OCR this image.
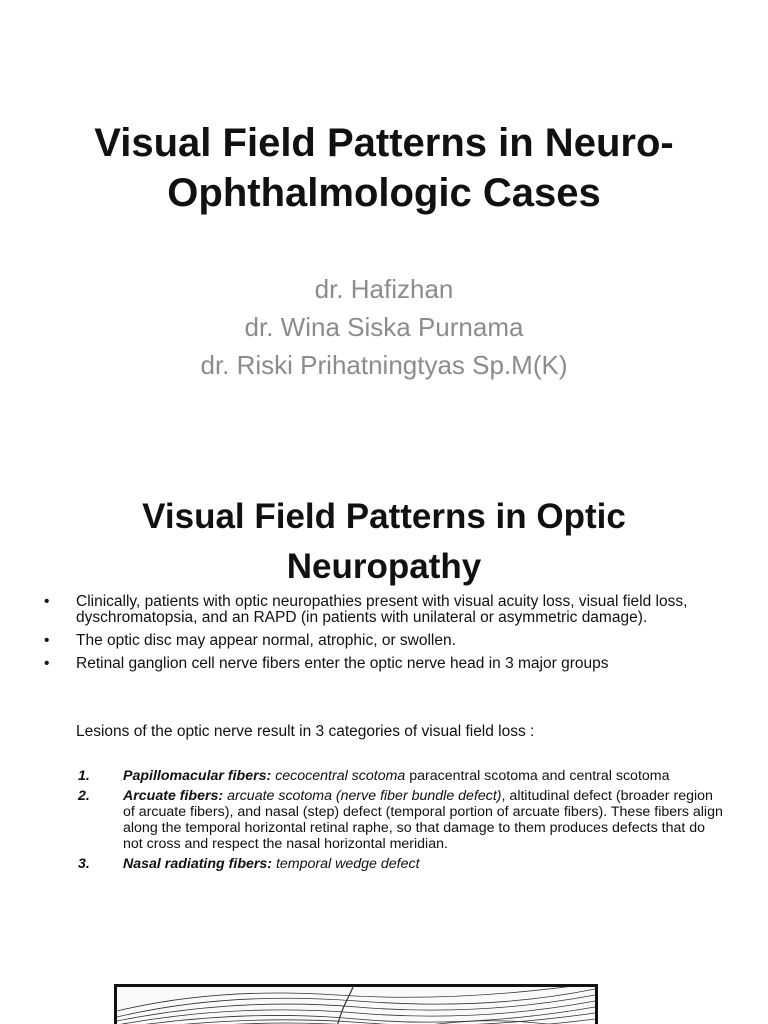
Visual Field Patterns in Neuro-
Ophthalmologic Cases
dr. Hafizhan
dr. Wina Siska Purnama
dr. Riski Prihatningtyas Sp.M(K)
Visual Field Patterns in Optic
Neuropathy
• Clinically, patients with optic neuropathies present with visual acuity loss, visual field loss, dyschromatopsia, and an RAPD (in patients with unilateral or asymmetric damage).
• The optic disc may appear normal, atrophic, or swollen.
• Retinal ganglion cell nerve fibers enter the optic nerve head in 3 major groups
Lesions of the optic nerve result in 3 categories of visual field loss :
1. Papillomacular fibers: cecocentral scotoma paracentral scotoma and central scotoma
2. Arcuate fibers: arcuate scotoma (nerve fiber bundle defect), altitudinal defect (broader region of arcuate fibers), and nasal (step) defect (temporal portion of arcuate fibers). These fibers align along the temporal horizontal retinal raphe, so that damage to them produces defects that do not cross and respect the nasal horizontal meridian.
3. Nasal radiating fibers: temporal wedge defect
